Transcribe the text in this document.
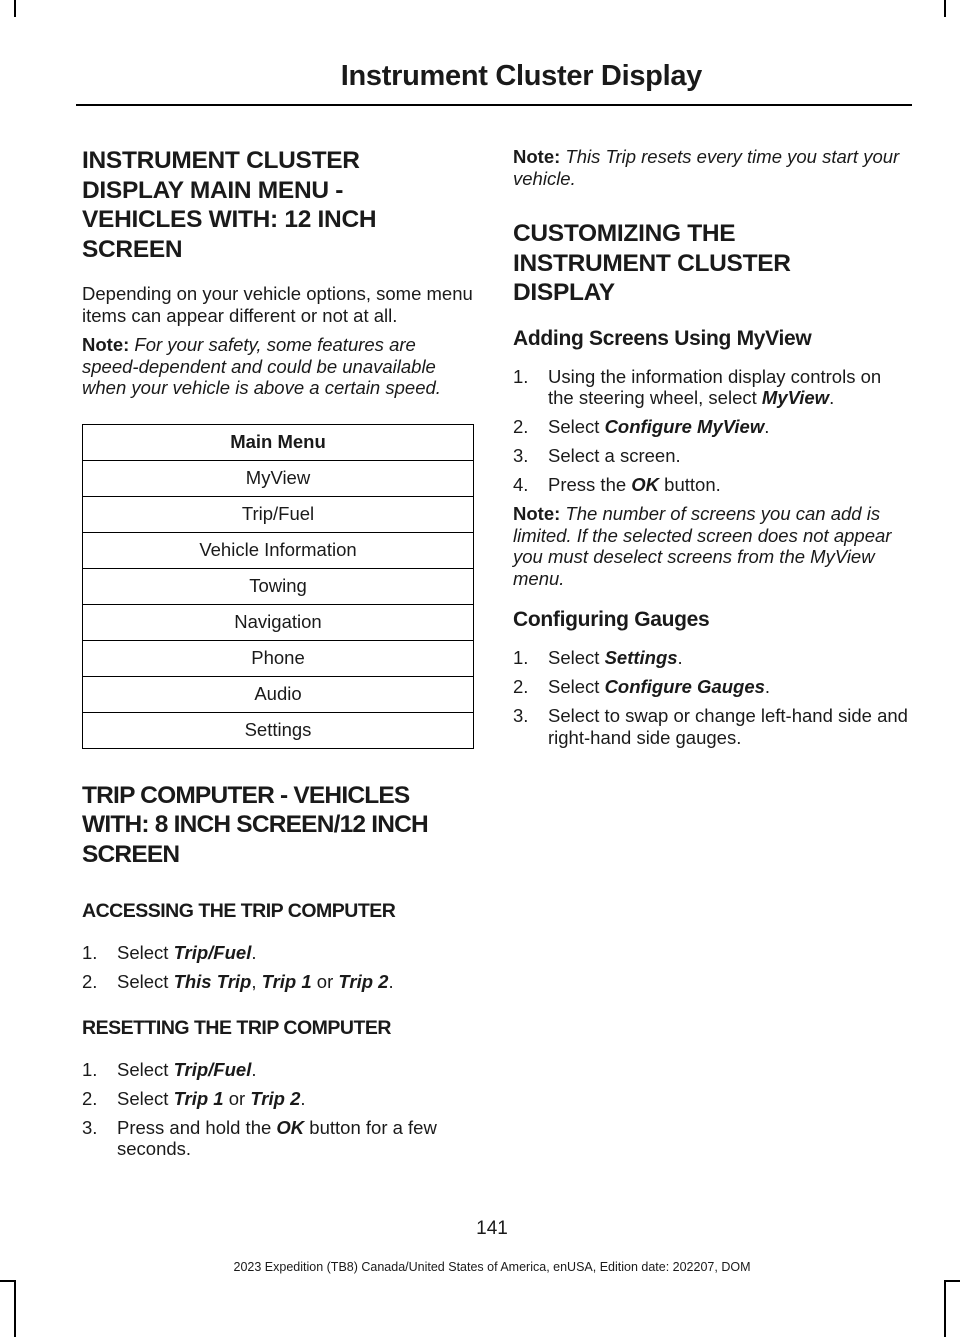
Instrument Cluster Display
INSTRUMENT CLUSTER
DISPLAY MAIN MENU -
VEHICLES WITH: 12 INCH
SCREEN

Depending on your vehicle options, some menu items can appear different or not at all.

Note: For your safety, some features are speed-dependent and could be unavailable when your vehicle is above a certain speed.

Main Menu
MyView
Trip/Fuel
Vehicle Information
Towing
Navigation
Phone
Audio
Settings
TRIP COMPUTER - VEHICLES
WITH: 8 INCH SCREEN/12 INCH
SCREEN
ACCESSING THE TRIP COMPUTER
1. Select Trip/Fuel.
2. Select This Trip, Trip 1 or Trip 2.
RESETTING THE TRIP COMPUTER
1. Select Trip/Fuel.
2. Select Trip 1 or Trip 2.
3. Press and hold the OK button for a few seconds.

Note: This Trip resets every time you start your vehicle.

CUSTOMIZING THE
INSTRUMENT CLUSTER
DISPLAY
Adding Screens Using MyView
1. Using the information display controls on the steering wheel, select MyView.
2. Select Configure MyView.
3. Select a screen.
4. Press the OK button.

Note: The number of screens you can add is limited. If the selected screen does not appear you must deselect screens from the MyView menu.

Configuring Gauges
1. Select Settings.
2. Select Configure Gauges.
3. Select to swap or change left-hand side and right-hand side gauges.
141
2023 Expedition (TB8) Canada/United States of America, enUSA, Edition date: 202207, DOM
